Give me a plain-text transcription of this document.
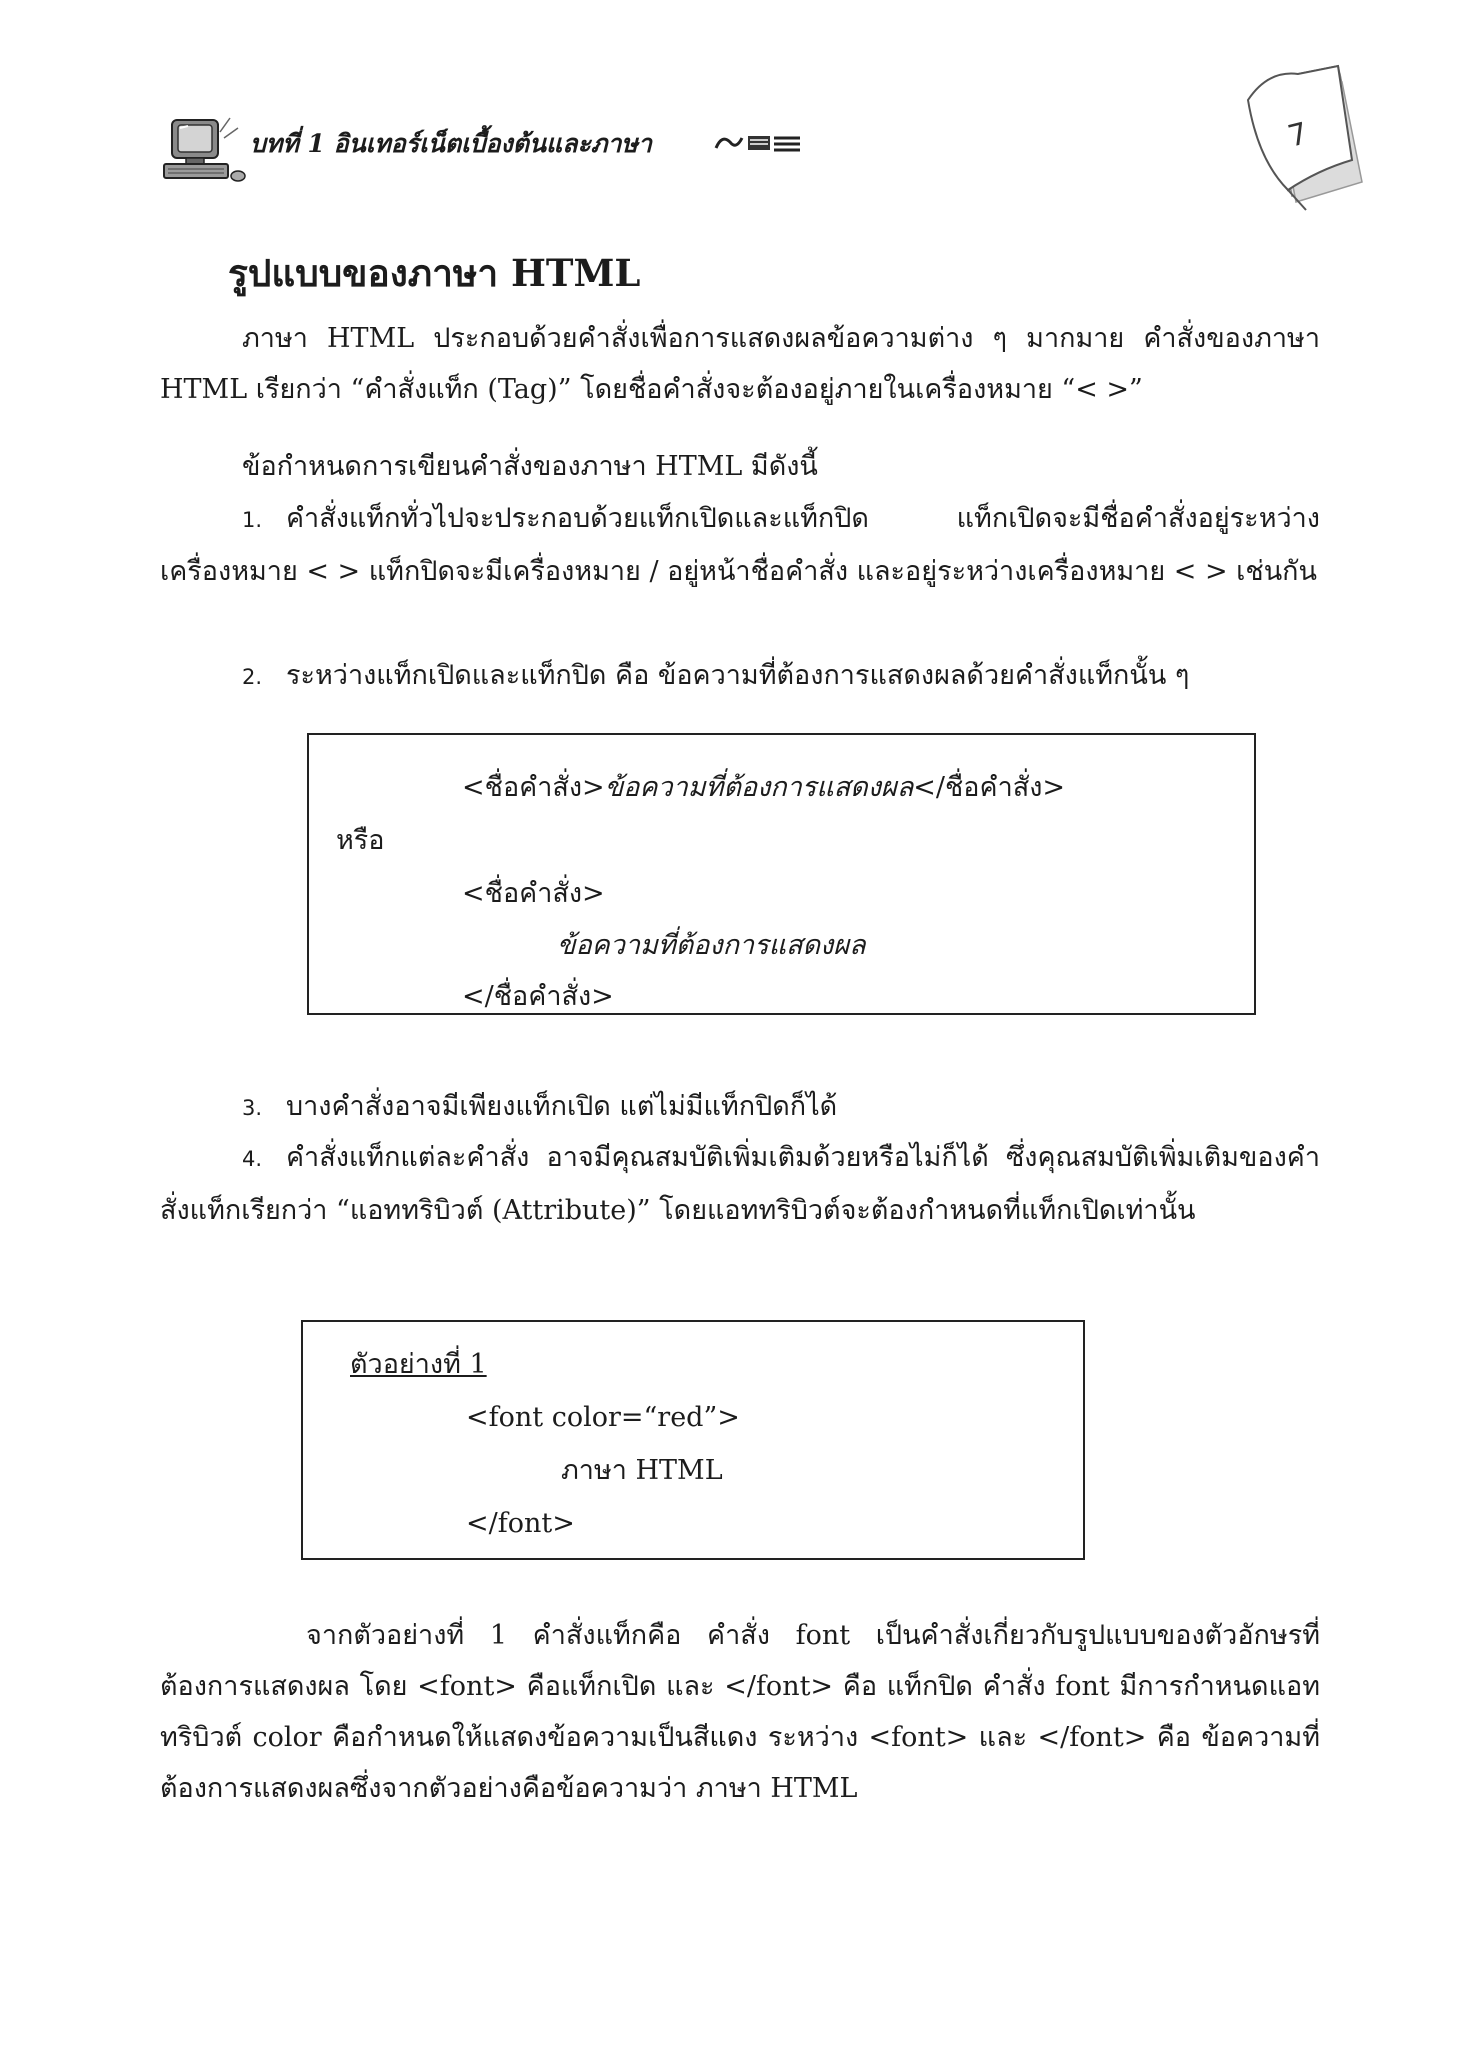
บทที่ 1 อินเทอร์เน็ตเบื้องต้นและภาษา	7
รูปแบบของภาษา HTML

ภาษา HTML ประกอบด้วยคำสั่งเพื่อการแสดงผลข้อความต่าง ๆ มากมาย คำสั่งของภาษา HTML เรียกว่า “คำสั่งแท็ก (Tag)” โดยชื่อคำสั่งจะต้องอยู่ภายในเครื่องหมาย “< >”

ข้อกำหนดการเขียนคำสั่งของภาษา HTML มีดังนี้

1. คำสั่งแท็กทั่วไปจะประกอบด้วยแท็กเปิดและแท็กปิด แท็กเปิดจะมีชื่อคำสั่งอยู่ระหว่างเครื่องหมาย < > แท็กปิดจะมีเครื่องหมาย / อยู่หน้าชื่อคำสั่ง และอยู่ระหว่างเครื่องหมาย < > เช่นกัน

2. ระหว่างแท็กเปิดและแท็กปิด คือ ข้อความที่ต้องการแสดงผลด้วยคำสั่งแท็กนั้น ๆ

<ชื่อคำสั่ง>ข้อความที่ต้องการแสดงผล</ชื่อคำสั่ง>
หรือ
<ชื่อคำสั่ง>
ข้อความที่ต้องการแสดงผล
</ชื่อคำสั่ง>

3. บางคำสั่งอาจมีเพียงแท็กเปิด แต่ไม่มีแท็กปิดก็ได้

4. คำสั่งแท็กแต่ละคำสั่ง อาจมีคุณสมบัติเพิ่มเติมด้วยหรือไม่ก็ได้ ซึ่งคุณสมบัติเพิ่มเติมของคำสั่งแท็กเรียกว่า “แอททริบิวต์ (Attribute)” โดยแอททริบิวต์จะต้องกำหนดที่แท็กเปิดเท่านั้น

ตัวอย่างที่ 1
<font color=“red”>
ภาษา HTML
</font>

จากตัวอย่างที่ 1 คำสั่งแท็กคือ คำสั่ง font เป็นคำสั่งเกี่ยวกับรูปแบบของตัวอักษรที่ต้องการแสดงผล โดย <font> คือแท็กเปิด และ </font> คือ แท็กปิด คำสั่ง font มีการกำหนดแอททริบิวต์ color คือกำหนดให้แสดงข้อความเป็นสีแดง ระหว่าง <font> และ </font> คือ ข้อความที่ต้องการแสดงผลซึ่งจากตัวอย่างคือข้อความว่า ภาษา HTML
